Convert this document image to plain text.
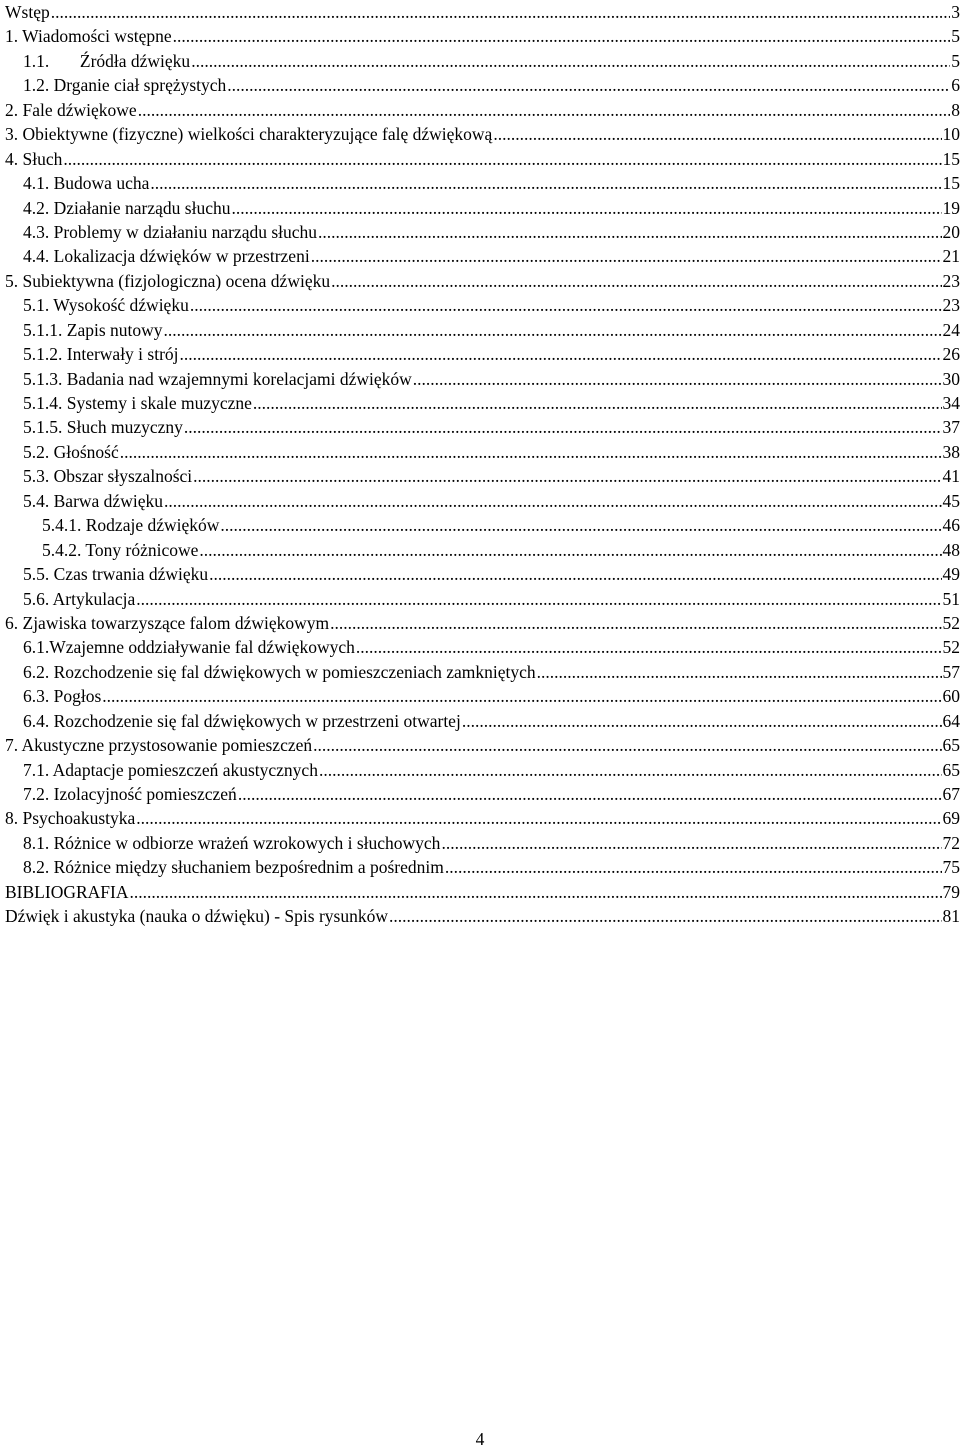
Wstęp .....	3
1. Wiadomości wstępne .....	5
1.1.       Źródła dźwięku .....	5
1.2. Drganie ciał sprężystych .....	6
2. Fale dźwiękowe .....	8
3. Obiektywne (fizyczne) wielkości charakteryzujące falę dźwiękową .....	10
4. Słuch .....	15
4.1. Budowa ucha .....	15
4.2. Działanie narządu słuchu .....	19
4.3. Problemy w działaniu narządu słuchu .....	20
4.4. Lokalizacja dźwięków w przestrzeni .....	21
5. Subiektywna (fizjologiczna) ocena dźwięku .....	23
5.1. Wysokość dźwięku .....	23
5.1.1. Zapis nutowy .....	24
5.1.2. Interwały i strój .....	26
5.1.3. Badania nad wzajemnymi korelacjami dźwięków .....	30
5.1.4. Systemy i skale muzyczne .....	34
5.1.5. Słuch muzyczny .....	37
5.2. Głośność .....	38
5.3. Obszar słyszalności .....	41
5.4. Barwa dźwięku .....	45
5.4.1. Rodzaje dźwięków .....	46
5.4.2. Tony różnicowe .....	48
5.5. Czas trwania dźwięku .....	49
5.6. Artykulacja .....	51
6. Zjawiska towarzyszące falom dźwiękowym .....	52
6.1.Wzajemne oddziaływanie fal dźwiękowych .....	52
6.2. Rozchodzenie się fal dźwiękowych w pomieszczeniach zamkniętych .....	57
6.3. Pogłos .....	60
6.4. Rozchodzenie się fal dźwiękowych w przestrzeni otwartej .....	64
7. Akustyczne przystosowanie pomieszczeń .....	65
7.1. Adaptacje pomieszczeń akustycznych .....	65
7.2. Izolacyjność pomieszczeń .....	67
8. Psychoakustyka .....	69
8.1. Różnice w odbiorze wrażeń wzrokowych i słuchowych .....	72
8.2. Różnice między słuchaniem bezpośrednim a pośrednim .....	75
BIBLIOGRAFIA .....	79
Dźwięk i akustyka (nauka o dźwięku) - Spis rysunków .....	81
4
